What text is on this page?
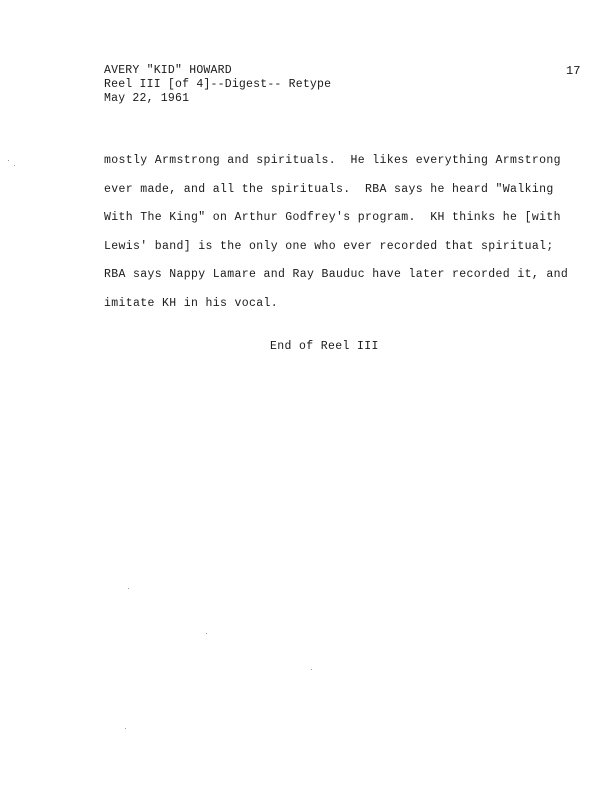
AVERY "KID" HOWARD
Reel III [of 4]--Digest-- Retype
May 22, 1961
17
mostly Armstrong and spirituals.  He likes everything Armstrong
ever made, and all the spirituals.  RBA says he heard "Walking
With The King" on Arthur Godfrey's program.  KH thinks he [with
Lewis' band] is the only one who ever recorded that spiritual;
RBA says Nappy Lamare and Ray Bauduc have later recorded it, and
imitate KH in his vocal.
End of Reel III
